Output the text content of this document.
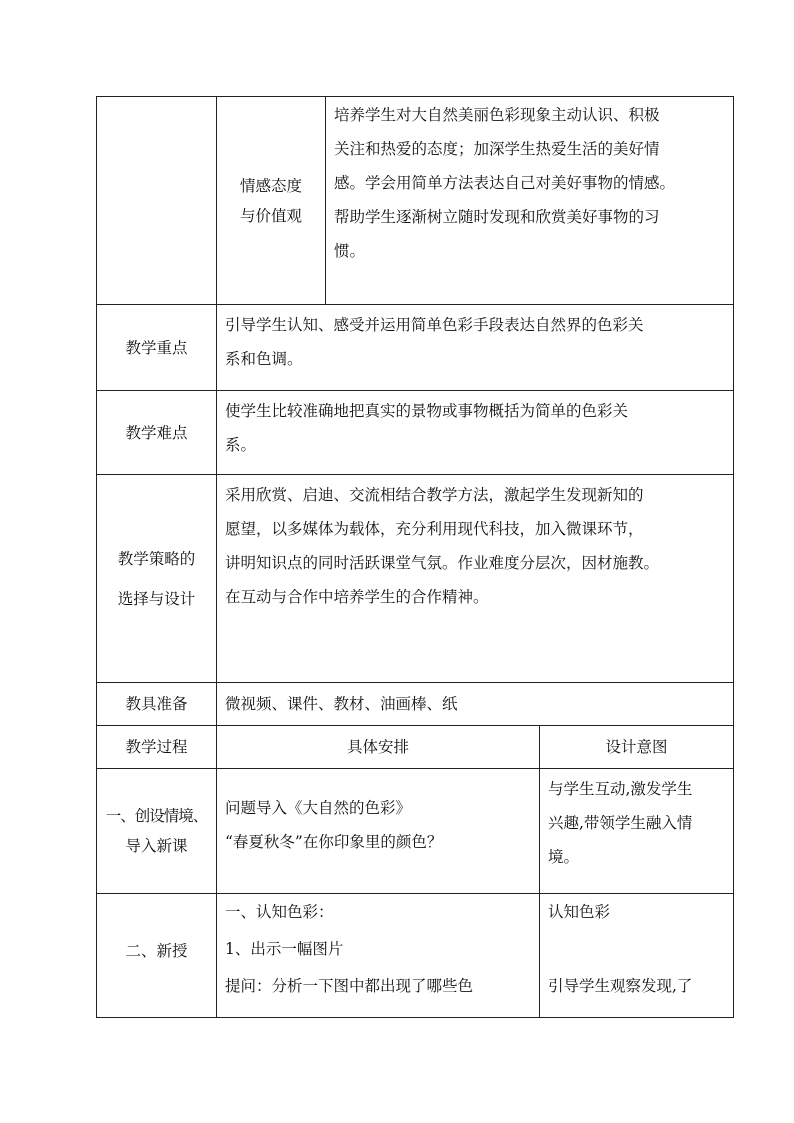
	情感态度
与价值观	培养学生对大自然美丽色彩现象主动认识、积极
关注和热爱的态度；加深学生热爱生活的美好情
感。学会用简单方法表达自己对美好事物的情感。
帮助学生逐渐树立随时发现和欣赏美好事物的习
惯。	

教学重点	引导学生认知、感受并运用简单色彩手段表达自然界的色彩关
系和色调。		

教学难点	使学生比较准确地把真实的景物或事物概括为简单的色彩关
系。		

教学策略的
选择与设计	采用欣赏、启迪、交流相结合教学方法，激起学生发现新知的
愿望，以多媒体为载体，充分利用现代科技，加入微课环节，
讲明知识点的同时活跃课堂气氛。作业难度分层次，因材施教。
在互动与合作中培养学生的合作精神。		

教具准备	微视频、课件、教材、油画棒、纸		
教学过程	具体安排		设计意图

一、创设情境、
导入新课	问题导入《大自然的色彩》
“春夏秋冬”在你印象里的颜色？		与学生互动,激发学生
兴趣,带领学生融入情
境。

二、新授	一、认知色彩：
1、出示一幅图片
提问：分析一下图中都出现了哪些色		认知色彩

引导学生观察发现,了
